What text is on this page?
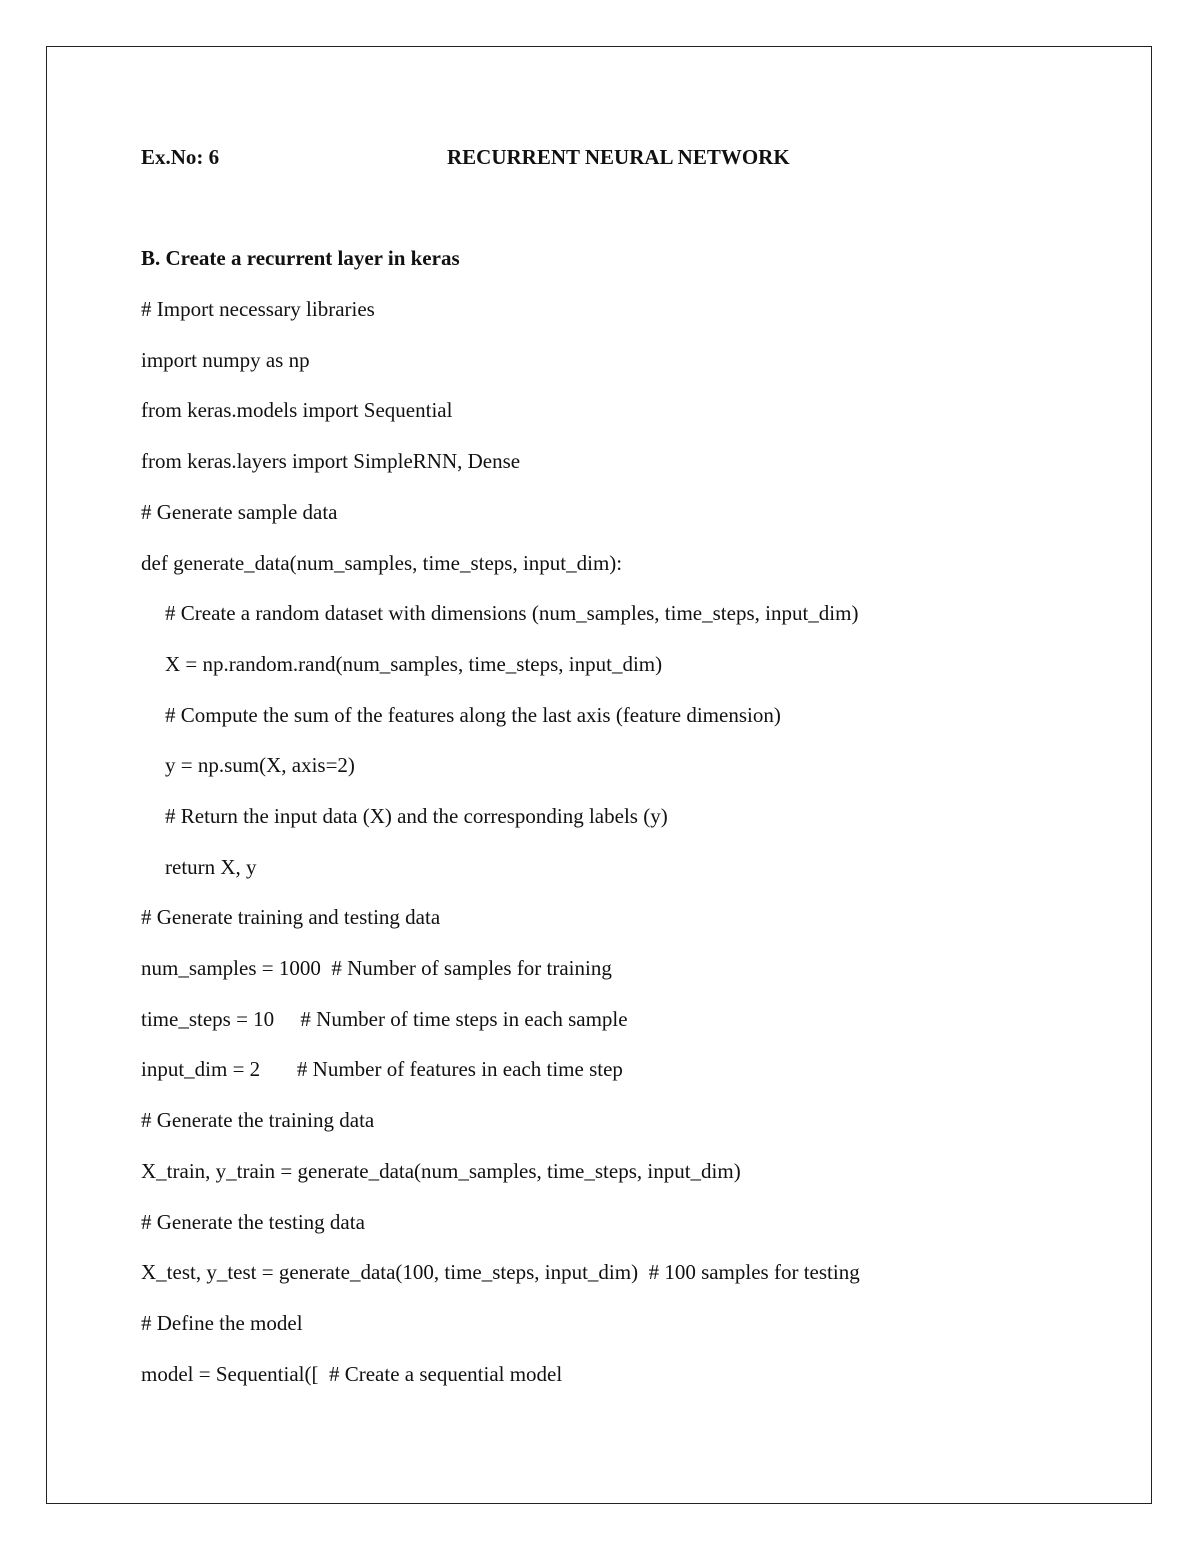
Ex.No: 6	RECURRENT NEURAL NETWORK
B. Create a recurrent layer in keras
# Import necessary libraries
import numpy as np
from keras.models import Sequential
from keras.layers import SimpleRNN, Dense
# Generate sample data
def generate_data(num_samples, time_steps, input_dim):
# Create a random dataset with dimensions (num_samples, time_steps, input_dim)
X = np.random.rand(num_samples, time_steps, input_dim)
# Compute the sum of the features along the last axis (feature dimension)
y = np.sum(X, axis=2)
# Return the input data (X) and the corresponding labels (y)
return X, y
# Generate training and testing data
num_samples = 1000  # Number of samples for training
time_steps = 10     # Number of time steps in each sample
input_dim = 2       # Number of features in each time step
# Generate the training data
X_train, y_train = generate_data(num_samples, time_steps, input_dim)
# Generate the testing data
X_test, y_test = generate_data(100, time_steps, input_dim)  # 100 samples for testing
# Define the model
model = Sequential([  # Create a sequential model
